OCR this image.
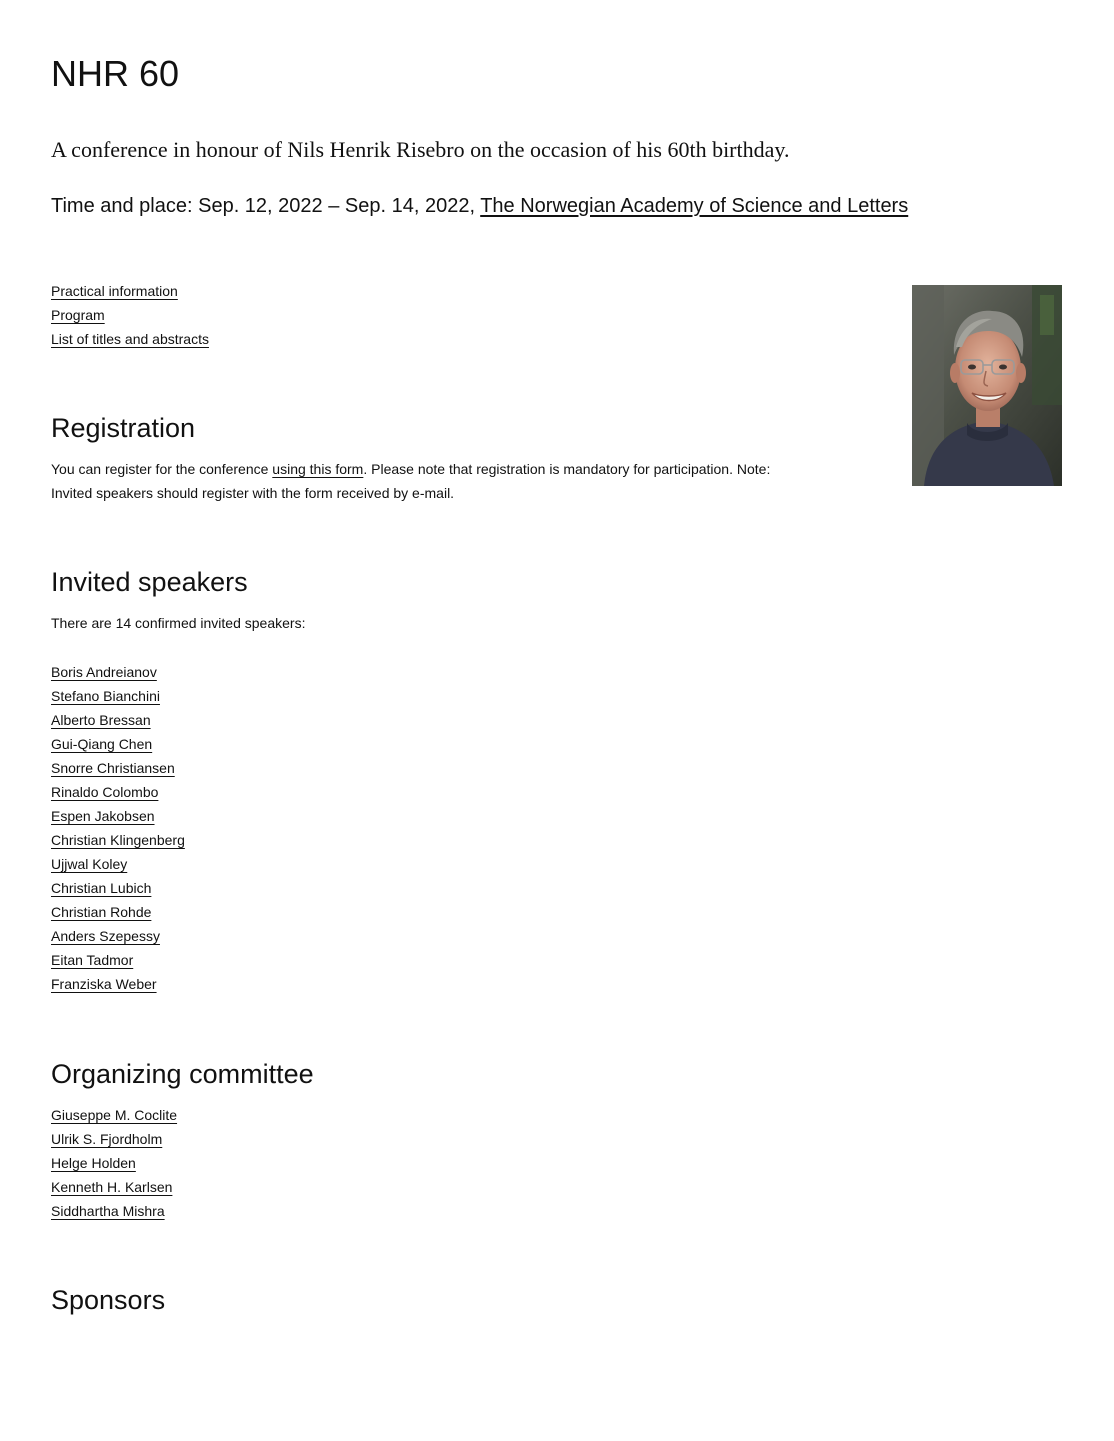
NHR 60

A conference in honour of Nils Henrik Risebro on the occasion of his 60th birthday.

Time and place: Sep. 12, 2022 – Sep. 14, 2022, The Norwegian Academy of Science and Letters

Practical information
Program
List of titles and abstracts
Registration
You can register for the conference using this form. Please note that registration is mandatory for participation. Note:
Invited speakers should register with the form received by e-mail.
Invited speakers

There are 14 confirmed invited speakers:

Boris Andreianov
Stefano Bianchini
Alberto Bressan
Gui-Qiang Chen
Snorre Christiansen
Rinaldo Colombo
Espen Jakobsen
Christian Klingenberg
Ujjwal Koley
Christian Lubich
Christian Rohde
Anders Szepessy
Eitan Tadmor
Franziska Weber
Organizing committee
Giuseppe M. Coclite
Ulrik S. Fjordholm
Helge Holden
Kenneth H. Karlsen
Siddhartha Mishra
Sponsors
